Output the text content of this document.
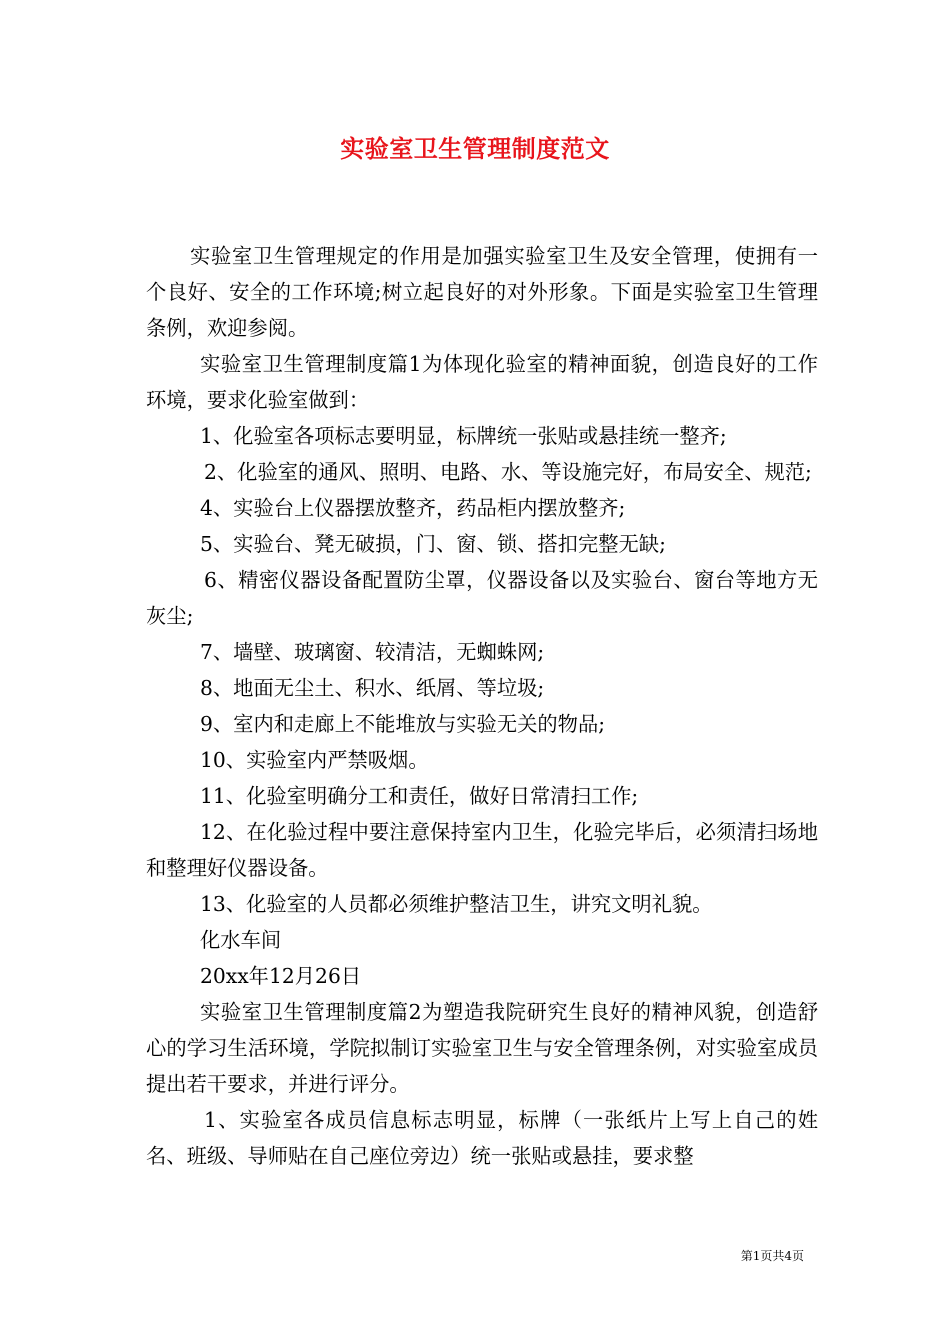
实验室卫生管理制度范文

实验室卫生管理规定的作用是加强实验室卫生及安全管理，使拥有一个良好、安全的工作环境;树立起良好的对外形象。下面是实验室卫生管理条例，欢迎参阅。

实验室卫生管理制度篇1为体现化验室的精神面貌，创造良好的工作环境，要求化验室做到：

1、化验室各项标志要明显，标牌统一张贴或悬挂统一整齐;

2、化验室的通风、照明、电路、水、等设施完好，布局安全、规范;

4、实验台上仪器摆放整齐，药品柜内摆放整齐;

5、实验台、凳无破损，门、窗、锁、搭扣完整无缺;

6、精密仪器设备配置防尘罩，仪器设备以及实验台、窗台等地方无灰尘;

7、墙壁、玻璃窗、较清洁，无蜘蛛网;

8、地面无尘土、积水、纸屑、等垃圾;

9、室内和走廊上不能堆放与实验无关的物品;

10、实验室内严禁吸烟。

11、化验室明确分工和责任，做好日常清扫工作;

12、在化验过程中要注意保持室内卫生，化验完毕后，必须清扫场地和整理好仪器设备。

13、化验室的人员都必须维护整洁卫生，讲究文明礼貌。

化水车间

20xx年12月26日

实验室卫生管理制度篇2为塑造我院研究生良好的精神风貌，创造舒心的学习生活环境，学院拟制订实验室卫生与安全管理条例，对实验室成员提出若干要求，并进行评分。

1、实验室各成员信息标志明显，标牌（一张纸片上写上自己的姓名、班级、导师贴在自己座位旁边）统一张贴或悬挂，要求整

第1页共4页
